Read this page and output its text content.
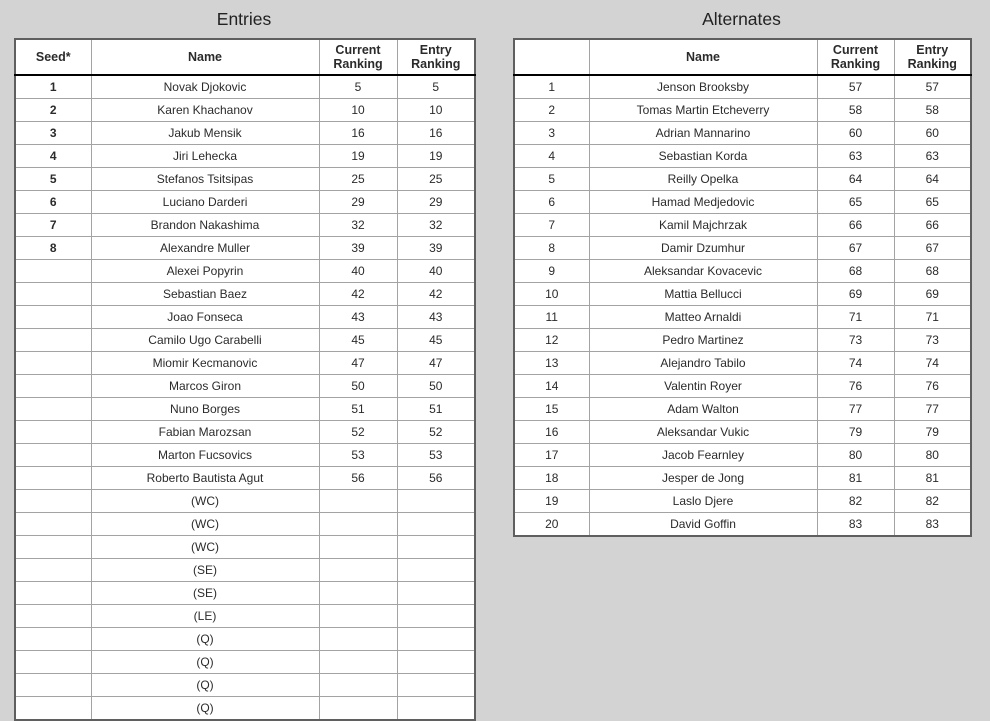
Entries
Seed*	Name	Current Ranking	Entry Ranking
1	Novak Djokovic	5	5
2	Karen Khachanov	10	10
3	Jakub Mensik	16	16
4	Jiri Lehecka	19	19
5	Stefanos Tsitsipas	25	25
6	Luciano Darderi	29	29
7	Brandon Nakashima	32	32
8	Alexandre Muller	39	39
	Alexei Popyrin	40	40
	Sebastian Baez	42	42
	Joao Fonseca	43	43
	Camilo Ugo Carabelli	45	45
	Miomir Kecmanovic	47	47
	Marcos Giron	50	50
	Nuno Borges	51	51
	Fabian Marozsan	52	52
	Marton Fucsovics	53	53
	Roberto Bautista Agut	56	56
	(WC)		
	(WC)		
	(WC)		
	(SE)		
	(SE)		
	(LE)		
	(Q)		
	(Q)		
	(Q)		
	(Q)		
Alternates
	Name	Current Ranking	Entry Ranking
1	Jenson Brooksby	57	57
2	Tomas Martin Etcheverry	58	58
3	Adrian Mannarino	60	60
4	Sebastian Korda	63	63
5	Reilly Opelka	64	64
6	Hamad Medjedovic	65	65
7	Kamil Majchrzak	66	66
8	Damir Dzumhur	67	67
9	Aleksandar Kovacevic	68	68
10	Mattia Bellucci	69	69
11	Matteo Arnaldi	71	71
12	Pedro Martinez	73	73
13	Alejandro Tabilo	74	74
14	Valentin Royer	76	76
15	Adam Walton	77	77
16	Aleksandar Vukic	79	79
17	Jacob Fearnley	80	80
18	Jesper de Jong	81	81
19	Laslo Djere	82	82
20	David Goffin	83	83
